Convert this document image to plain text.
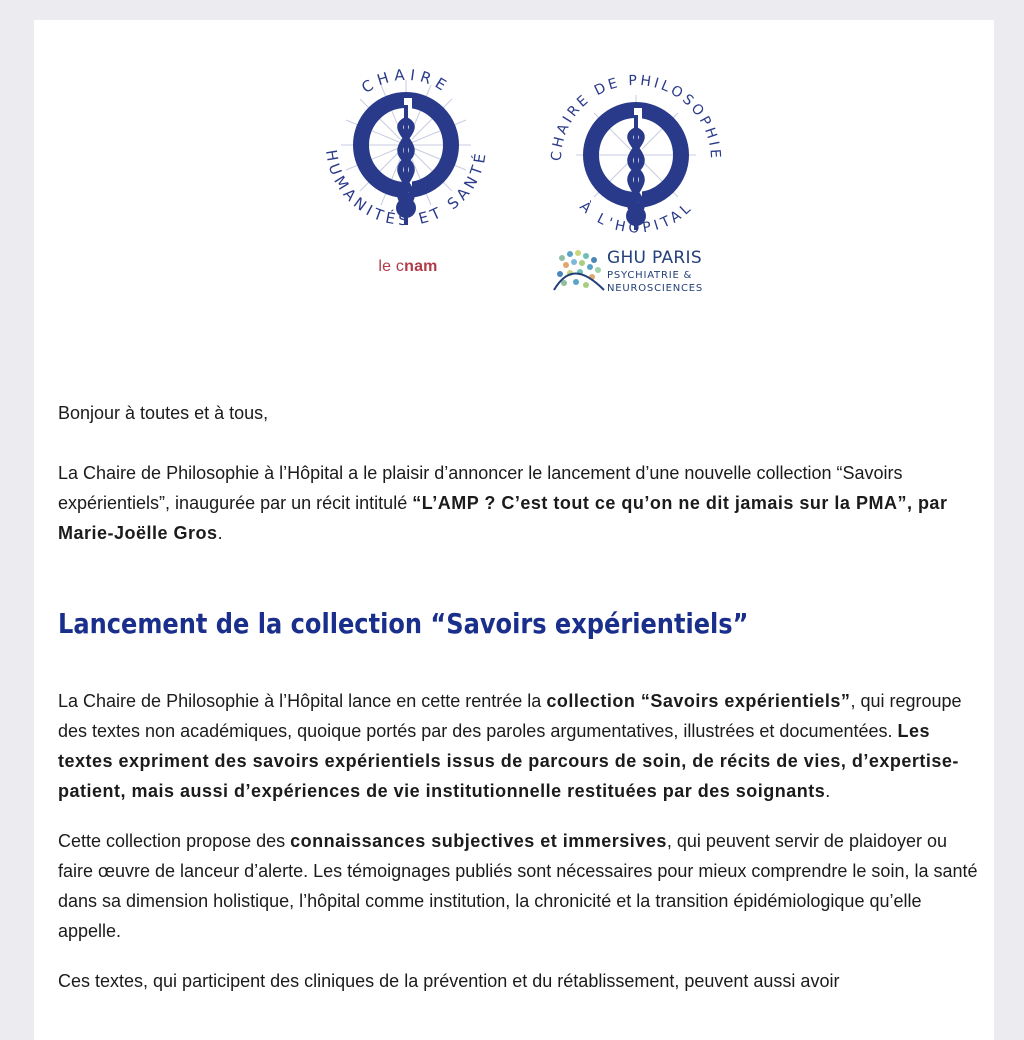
CHAIRE
HUMANITÉS ET SANTÉ
le cnam
CHAIRE DE PHILOSOPHIE
À L'HÔPITAL
GHU PARIS
PSYCHIATRIE &
NEUROSCIENCES

Bonjour à toutes et à tous,

La Chaire de Philosophie à l’Hôpital a le plaisir d’annoncer le lancement d’une nouvelle collection “Savoirs expérientiels”, inaugurée par un récit intitulé “L’AMP ? C’est tout ce qu’on ne dit jamais sur la PMA”, par Marie-Joëlle Gros.

Lancement de la collection “Savoirs expérientiels”

La Chaire de Philosophie à l’Hôpital lance en cette rentrée la collection “Savoirs expérientiels”, qui regroupe des textes non académiques, quoique portés par des paroles argumentatives, illustrées et documentées. Les textes expriment des savoirs expérientiels issus de parcours de soin, de récits de vies, d’expertise-patient, mais aussi d’expériences de vie institutionnelle restituées par des soignants.

Cette collection propose des connaissances subjectives et immersives, qui peuvent servir de plaidoyer ou faire œuvre de lanceur d’alerte. Les témoignages publiés sont nécessaires pour mieux comprendre le soin, la santé dans sa dimension holistique, l’hôpital comme institution, la chronicité et la transition épidémiologique qu’elle appelle.

Ces textes, qui participent des cliniques de la prévention et du rétablissement, peuvent aussi avoir
